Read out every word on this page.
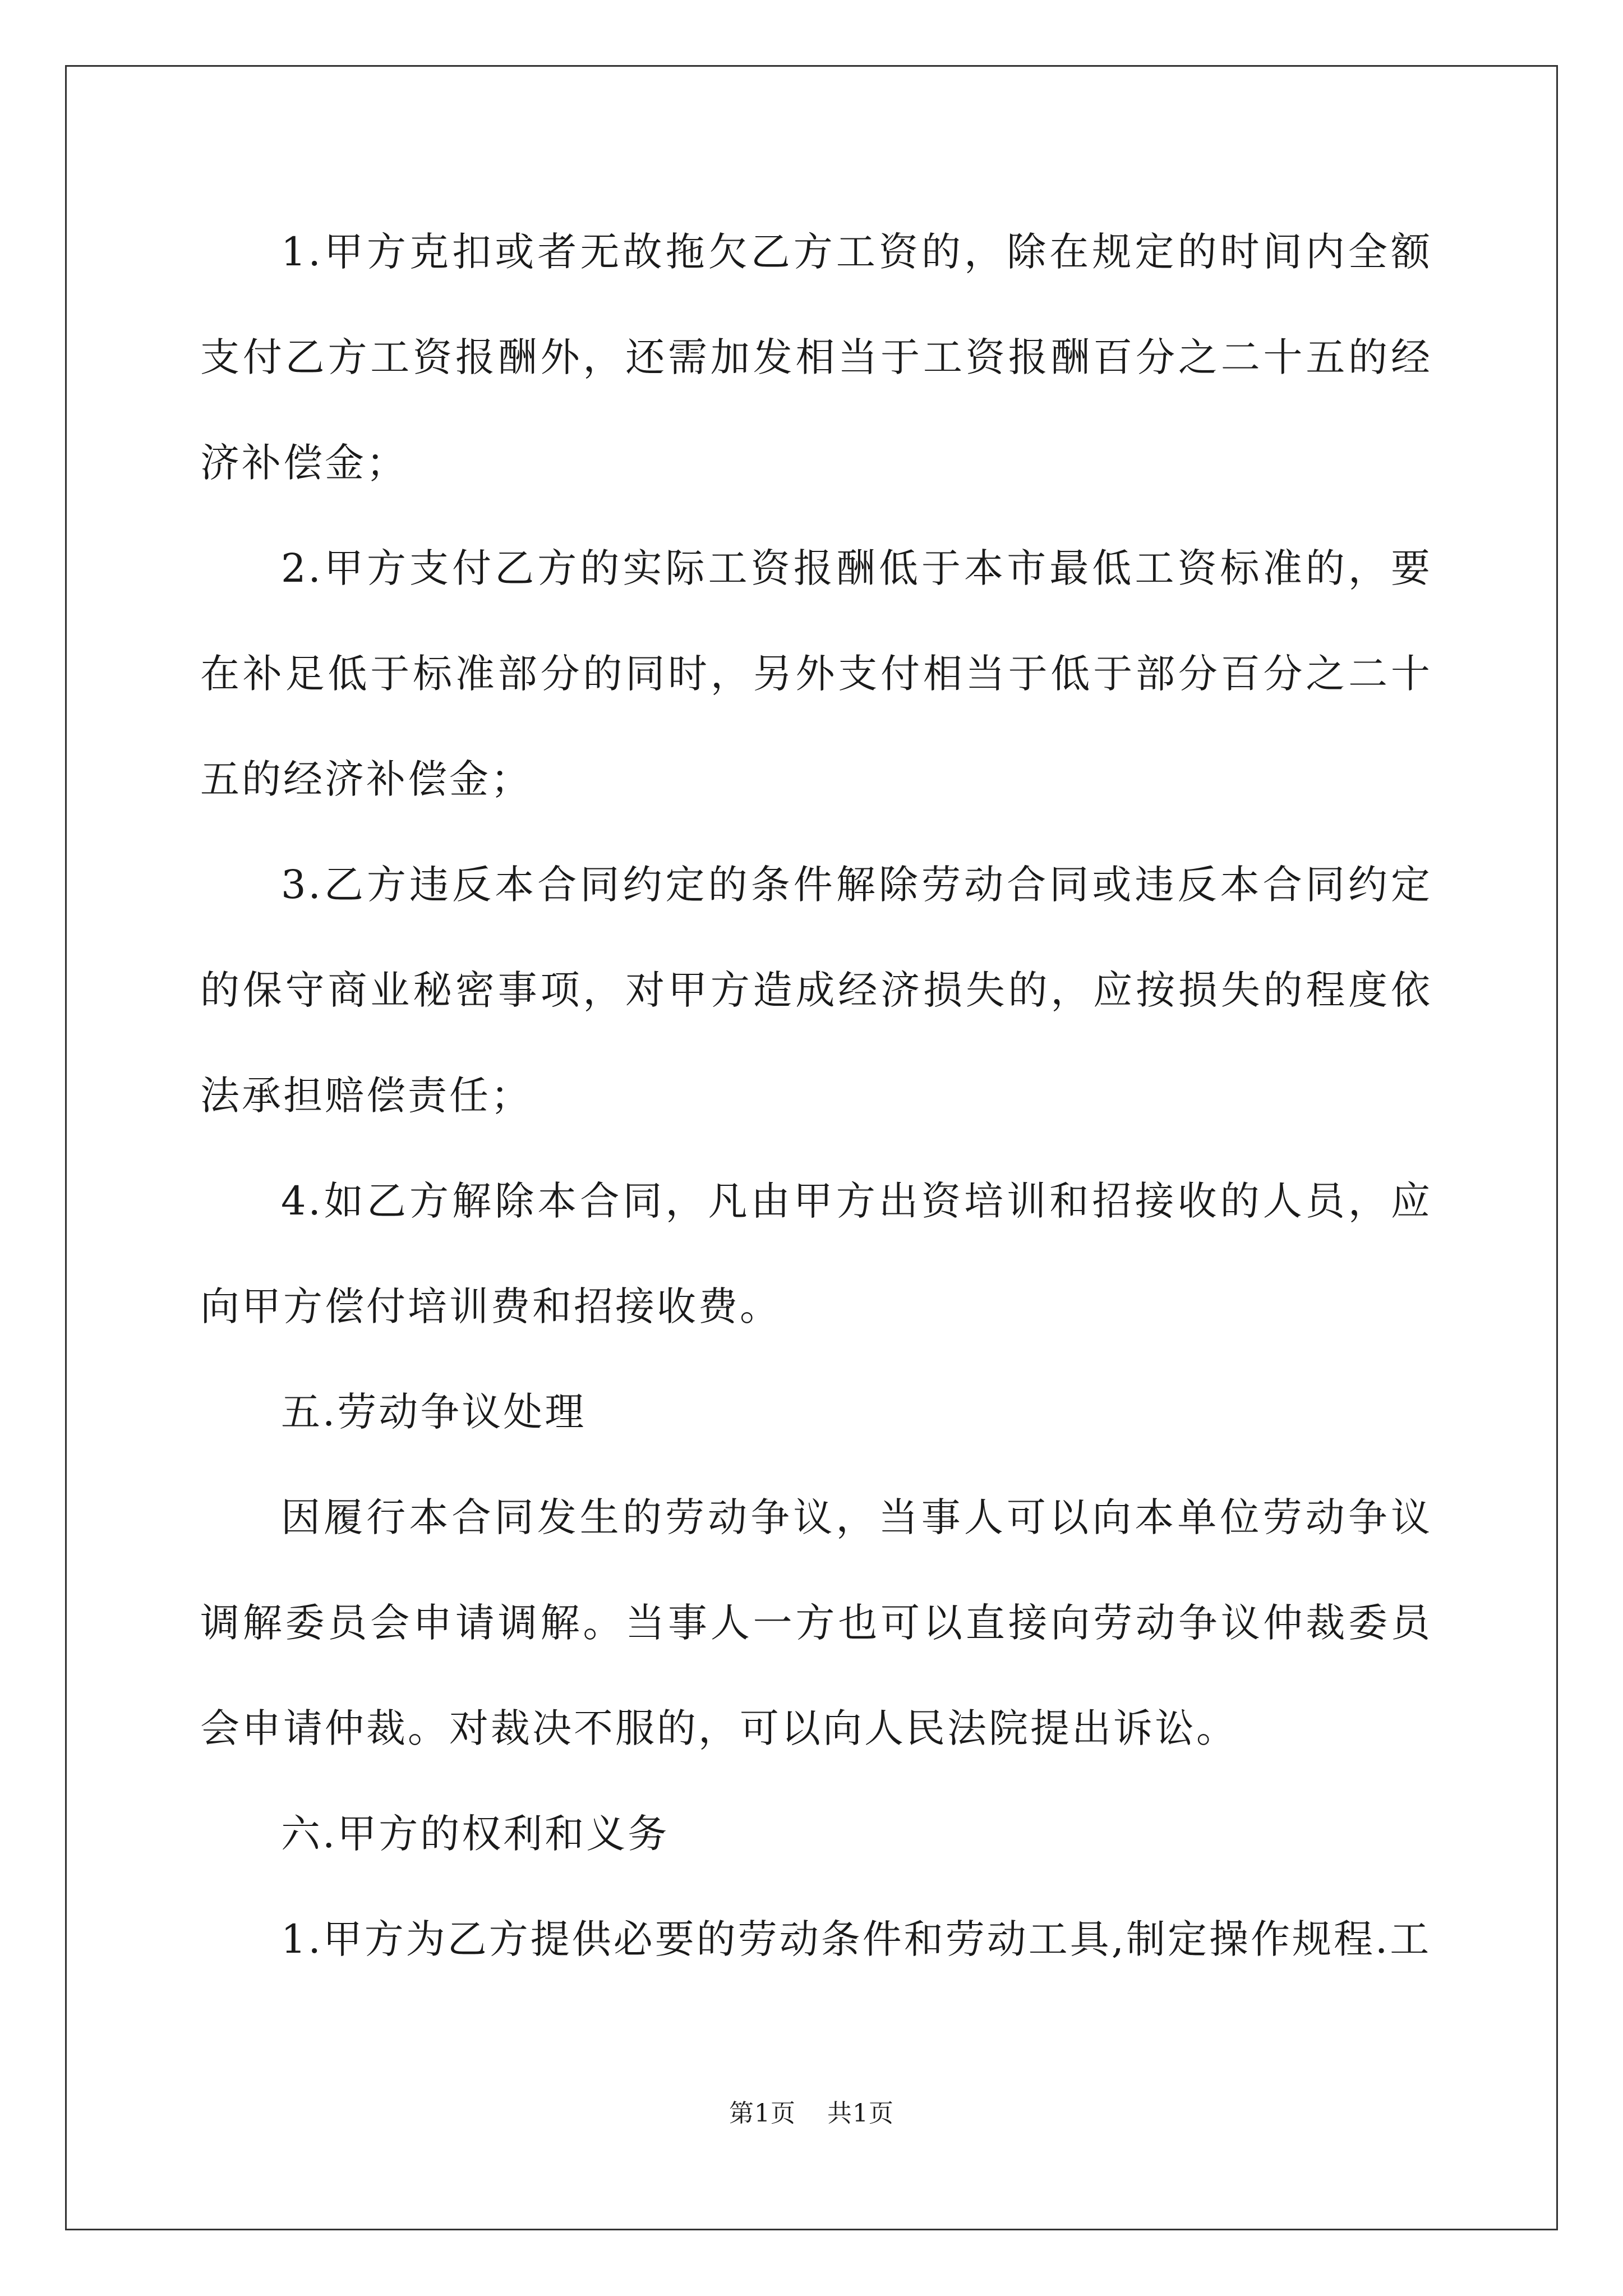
1.甲方克扣或者无故拖欠乙方工资的，除在规定的时间内全额支付乙方工资报酬外，还需加发相当于工资报酬百分之二十五的经济补偿金；

2.甲方支付乙方的实际工资报酬低于本市最低工资标准的，要在补足低于标准部分的同时，另外支付相当于低于部分百分之二十五的经济补偿金；

3.乙方违反本合同约定的条件解除劳动合同或违反本合同约定的保守商业秘密事项，对甲方造成经济损失的，应按损失的程度依法承担赔偿责任；

4.如乙方解除本合同，凡由甲方出资培训和招接收的人员，应向甲方偿付培训费和招接收费。

五.劳动争议处理

因履行本合同发生的劳动争议，当事人可以向本单位劳动争议调解委员会申请调解。当事人一方也可以直接向劳动争议仲裁委员会申请仲裁。对裁决不服的，可以向人民法院提出诉讼。

六.甲方的权利和义务

1.甲方为乙方提供必要的劳动条件和劳动工具,制定操作规程.工

第1页 共1页
